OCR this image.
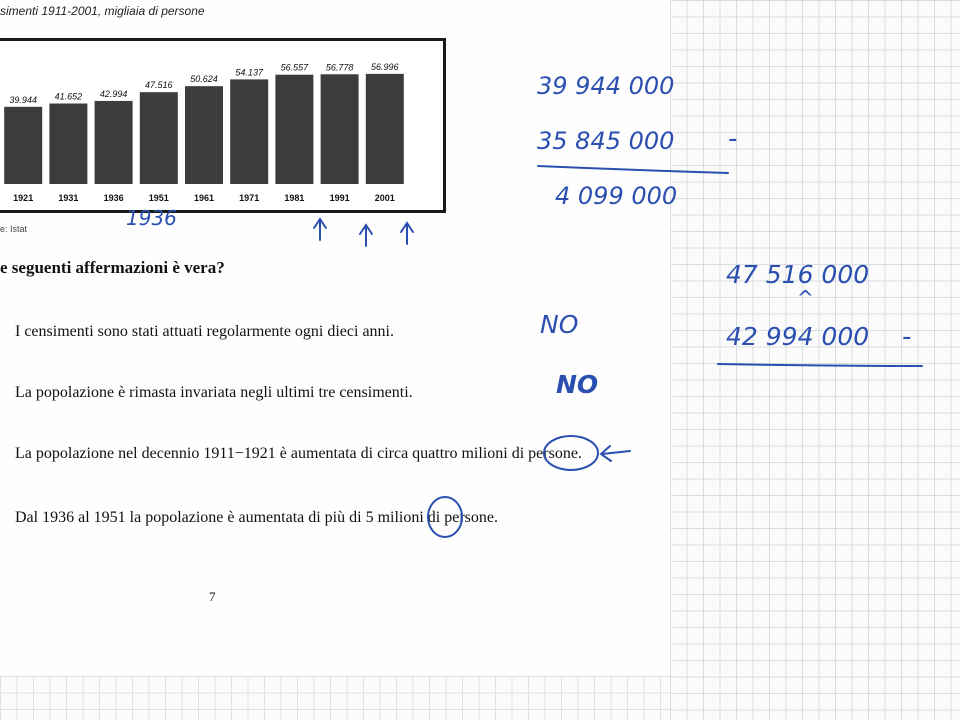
simenti 1911-2001, migliaia di persone
39.944
1921
41.652
1931
42.994
1936
47.516
1951
50.624
1961
54.137
1971
56.557
1981
56.778
1991
56.996
2001
e: Istat
e seguenti affermazioni è vera?
I censimenti sono stati attuati regolarmente ogni dieci anni.
La popolazione è rimasta invariata negli ultimi tre censimenti.
La popolazione nel decennio 1911−1921 è aumentata di circa quattro milioni di persone.
Dal 1936 al 1951 la popolazione è aumentata di più di 5 milioni di persone.
7
1936
NO
NO
39 944 000
35 845 000 -
4 099 000
47 516 000
^
42 994 000 -
